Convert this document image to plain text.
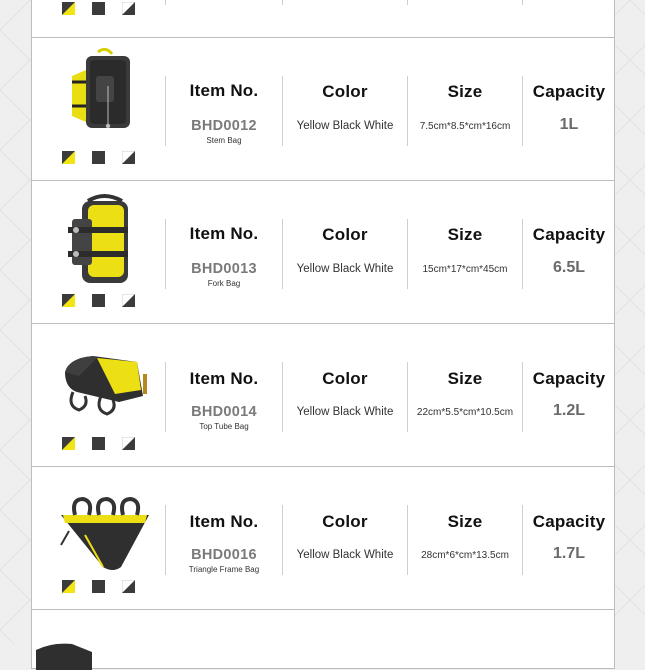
Item No.
BHD0012
Stem Bag
Color
Yellow Black White
Size
7.5cm*8.5*cm*16cm
Capacity
1L
Item No.
BHD0013
Fork Bag
Color
Yellow Black White
Size
15cm*17*cm*45cm
Capacity
6.5L
Item No.
BHD0014
Top Tube Bag
Color
Yellow Black White
Size
22cm*5.5*cm*10.5cm
Capacity
1.2L
Item No.
BHD0016
Triangle Frame Bag
Color
Yellow Black White
Size
28cm*6*cm*13.5cm
Capacity
1.7L
